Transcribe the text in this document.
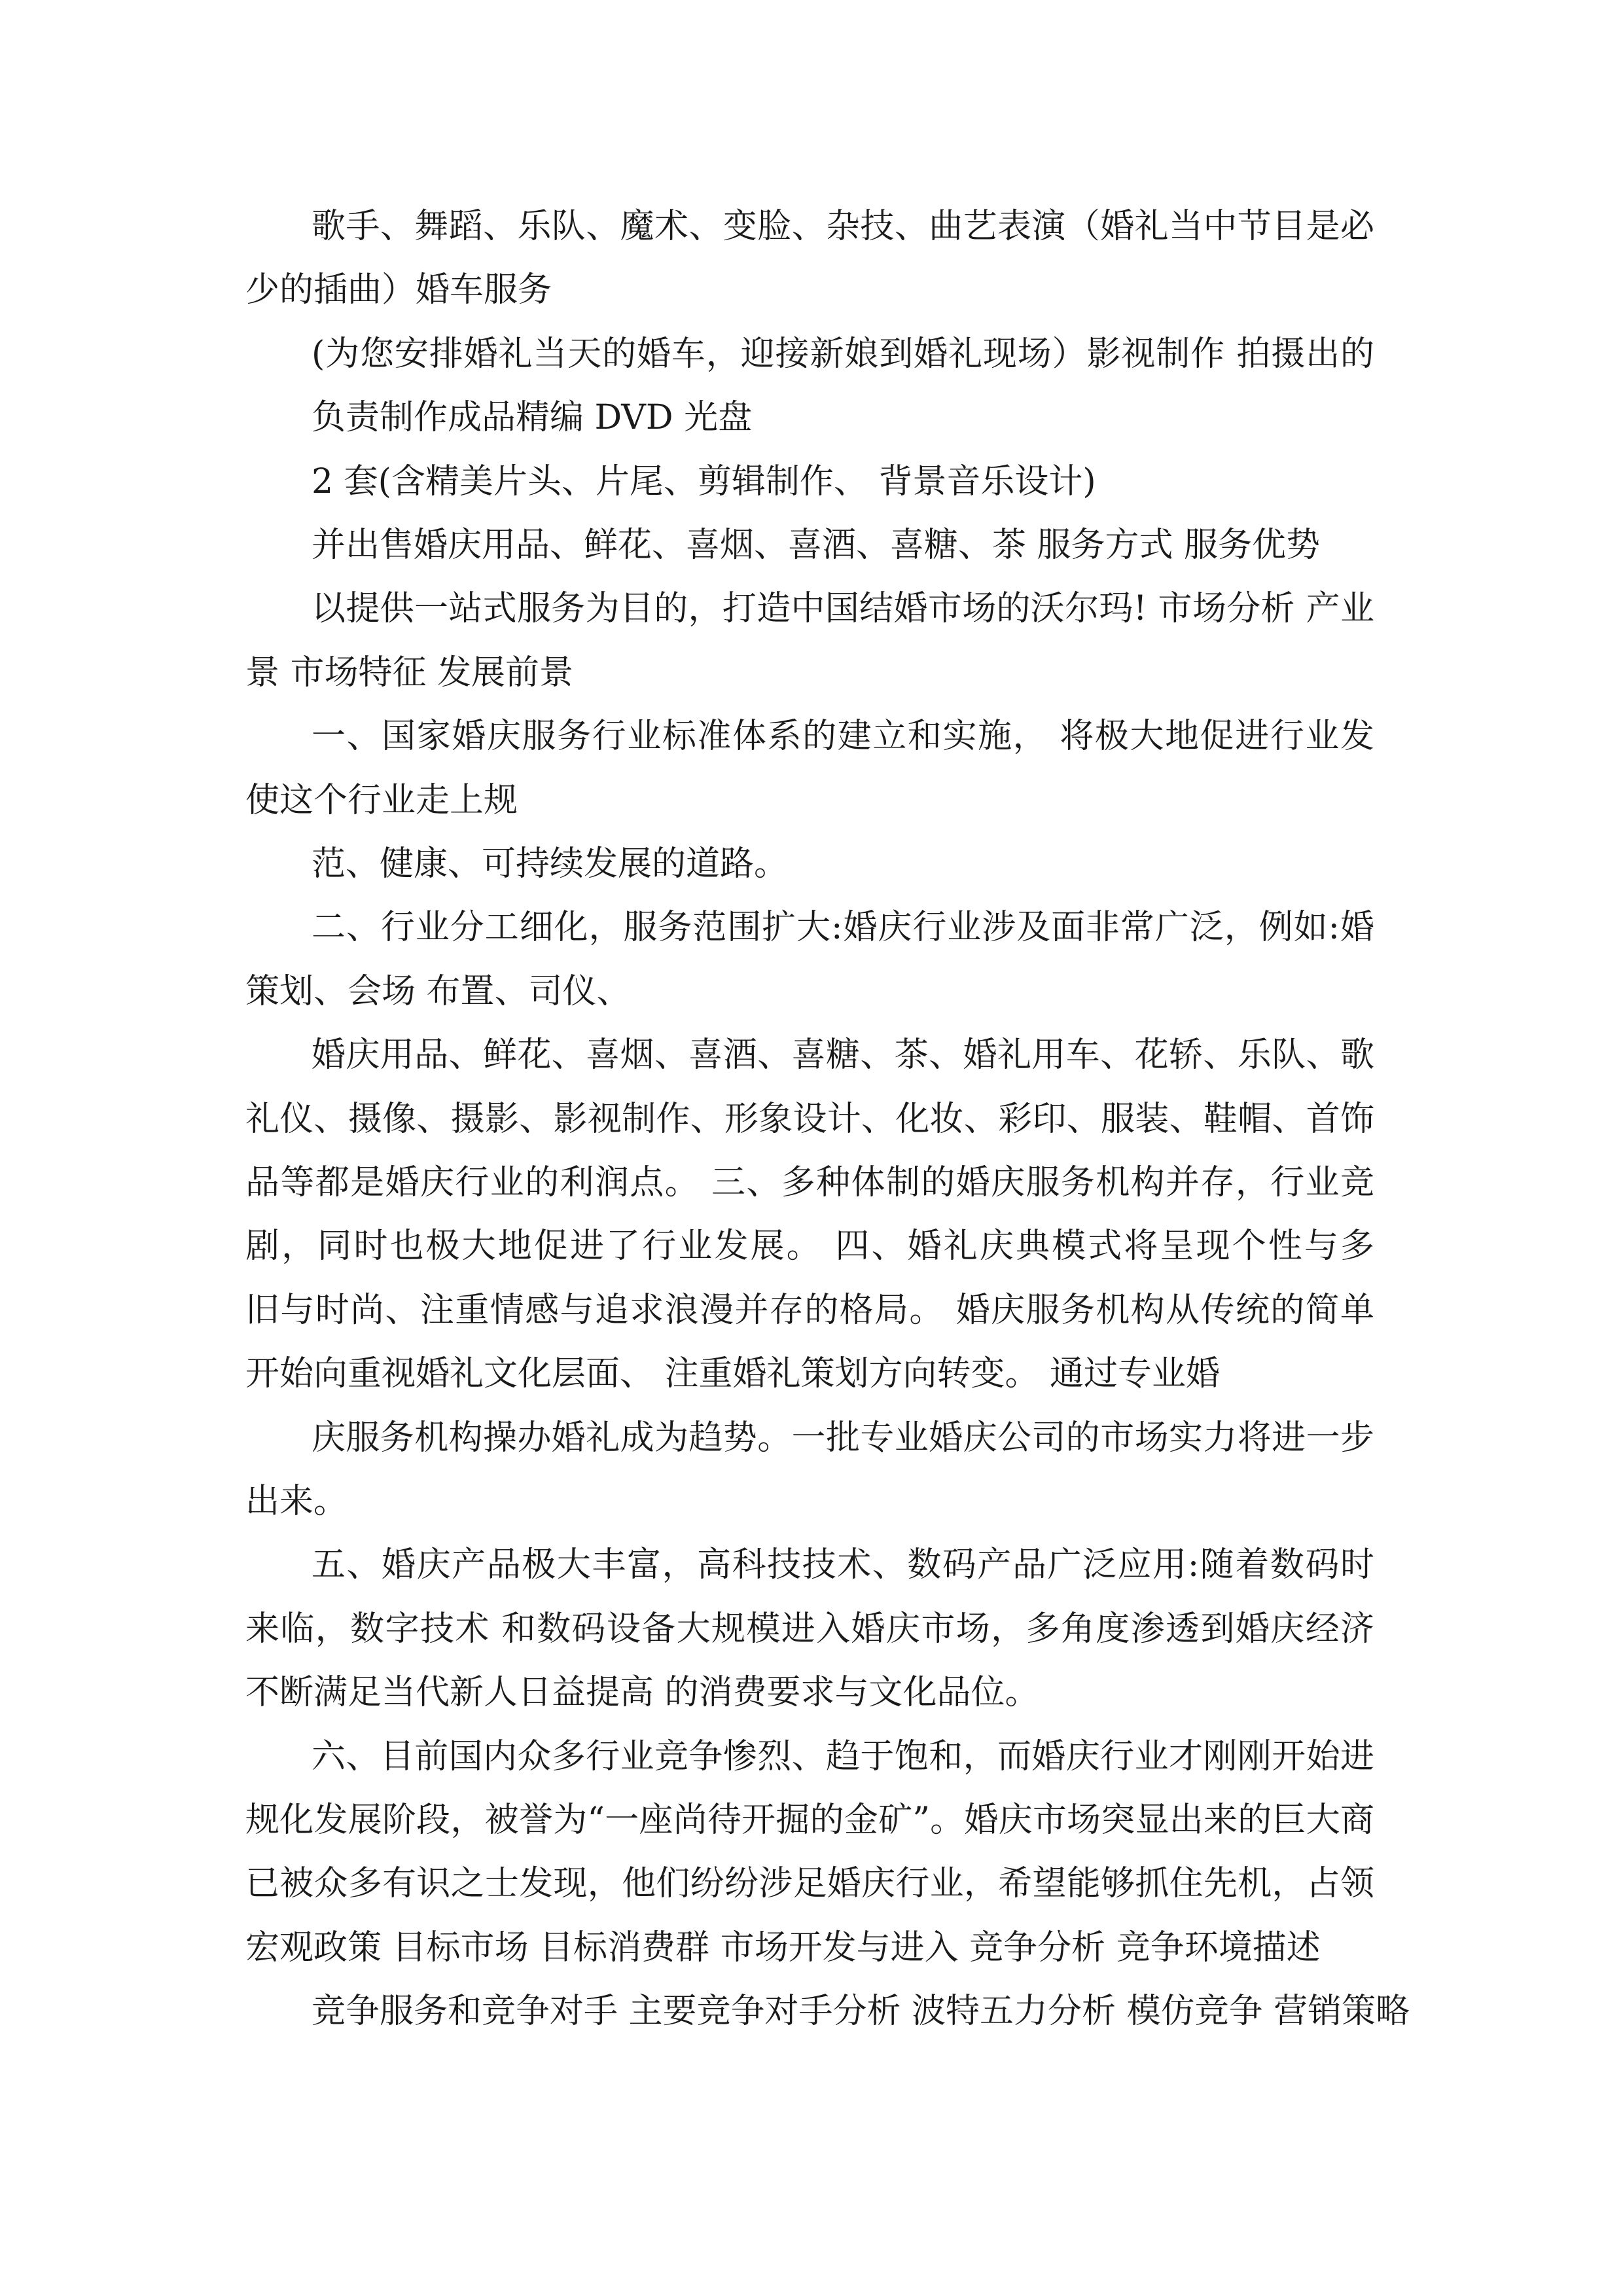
歌手、舞蹈、乐队、魔术、变脸、杂技、曲艺表演（婚礼当中节目是必
少的插曲）婚车服务
(为您安排婚礼当天的婚车，迎接新娘到婚礼现场）影视制作 拍摄出的
负责制作成品精编 DVD 光盘
2 套(含精美片头、片尾、剪辑制作、 背景音乐设计)
并出售婚庆用品、鲜花、喜烟、喜酒、喜糖、茶 服务方式 服务优势
以提供一站式服务为目的，打造中国结婚市场的沃尔玛! 市场分析 产业
景 市场特征 发展前景
一、国家婚庆服务行业标准体系的建立和实施， 将极大地促进行业发
使这个行业走上规
范、健康、可持续发展的道路。
二、行业分工细化，服务范围扩大:婚庆行业涉及面非常广泛，例如:婚
策划、会场 布置、司仪、
婚庆用品、鲜花、喜烟、喜酒、喜糖、茶、婚礼用车、花轿、乐队、歌
礼仪、摄像、摄影、影视制作、形象设计、化妆、彩印、服装、鞋帽、首饰
品等都是婚庆行业的利润点。 三、多种体制的婚庆服务机构并存，行业竞
剧，同时也极大地促进了行业发展。 四、婚礼庆典模式将呈现个性与多
旧与时尚、注重情感与追求浪漫并存的格局。 婚庆服务机构从传统的简单
开始向重视婚礼文化层面、 注重婚礼策划方向转变。 通过专业婚
庆服务机构操办婚礼成为趋势。一批专业婚庆公司的市场实力将进一步
出来。
五、婚庆产品极大丰富，高科技技术、数码产品广泛应用:随着数码时
来临，数字技术 和数码设备大规模进入婚庆市场，多角度渗透到婚庆经济
不断满足当代新人日益提高 的消费要求与文化品位。
六、目前国内众多行业竞争惨烈、趋于饱和，而婚庆行业才刚刚开始进
规化发展阶段，被誉为“一座尚待开掘的金矿”。婚庆市场突显出来的巨大商
已被众多有识之士发现，他们纷纷涉足婚庆行业，希望能够抓住先机，占领
宏观政策 目标市场 目标消费群 市场开发与进入 竞争分析 竞争环境描述
竞争服务和竞争对手 主要竞争对手分析 波特五力分析 模仿竞争 营销策略
